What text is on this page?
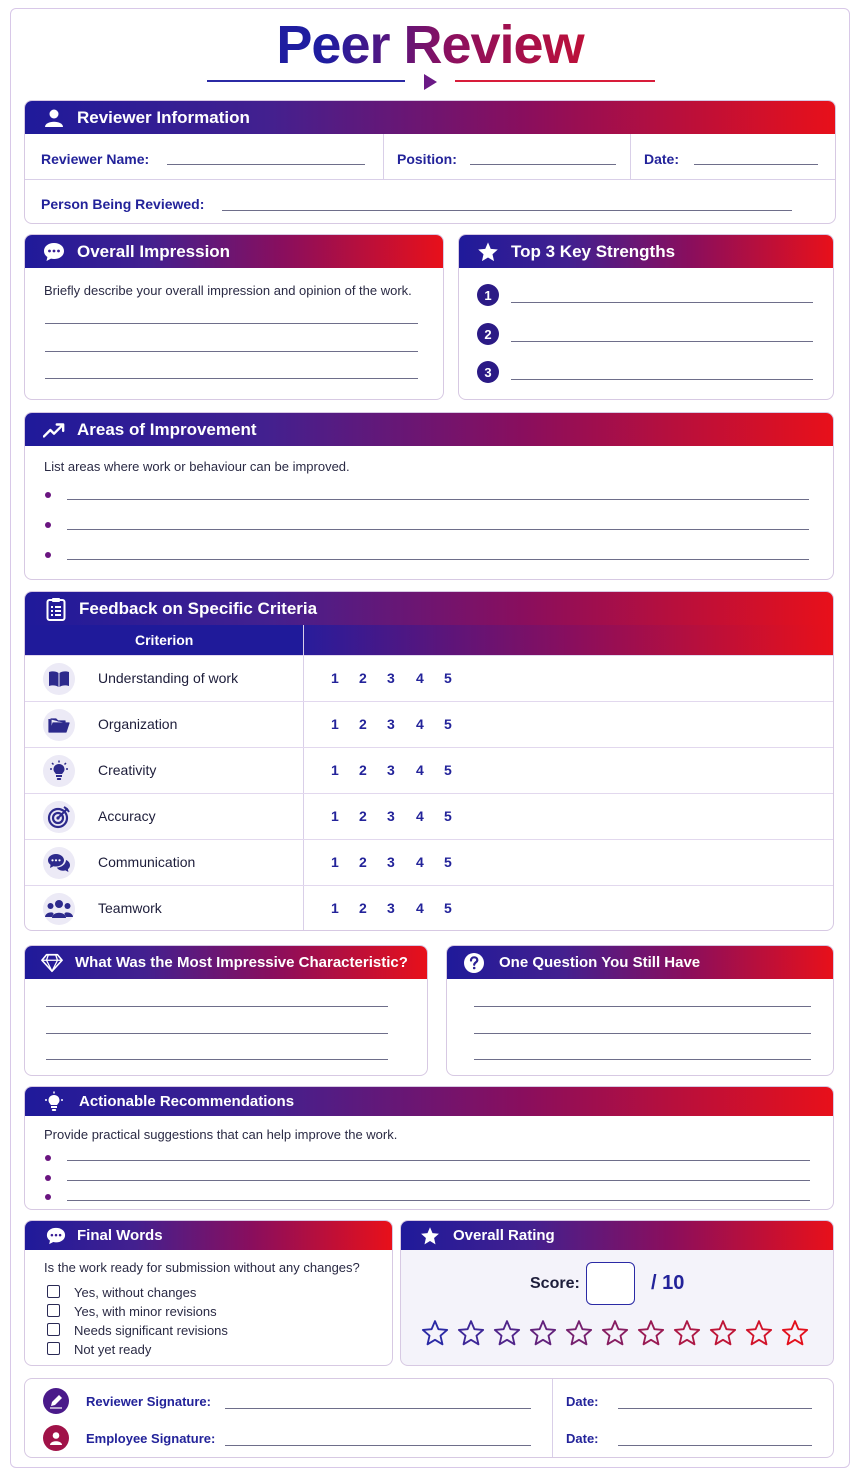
Peer Review
Reviewer Information
Reviewer Name:	Position:	Date:
Person Being Reviewed:
Overall Impression
Briefly describe your overall impression and opinion of the work.
Top 3 Key Strengths
1
2
3
Areas of Improvement
List areas where work or behaviour can be improved.
Feedback on Specific Criteria
Criterion
Understanding of work	1 2 3 4 5
Organization	1 2 3 4 5
Creativity	1 2 3 4 5
Accuracy	1 2 3 4 5
Communication	1 2 3 4 5
Teamwork	1 2 3 4 5
What Was the Most Impressive Characteristic?	One Question You Still Have
Actionable Recommendations
Provide practical suggestions that can help improve the work.
Final Words
Is the work ready for submission without any changes?
Yes, without changes
Yes, with minor revisions
Needs significant revisions
Not yet ready
Overall Rating
Score:	/ 10
Reviewer Signature:	Date:
Employee Signature:	Date:
